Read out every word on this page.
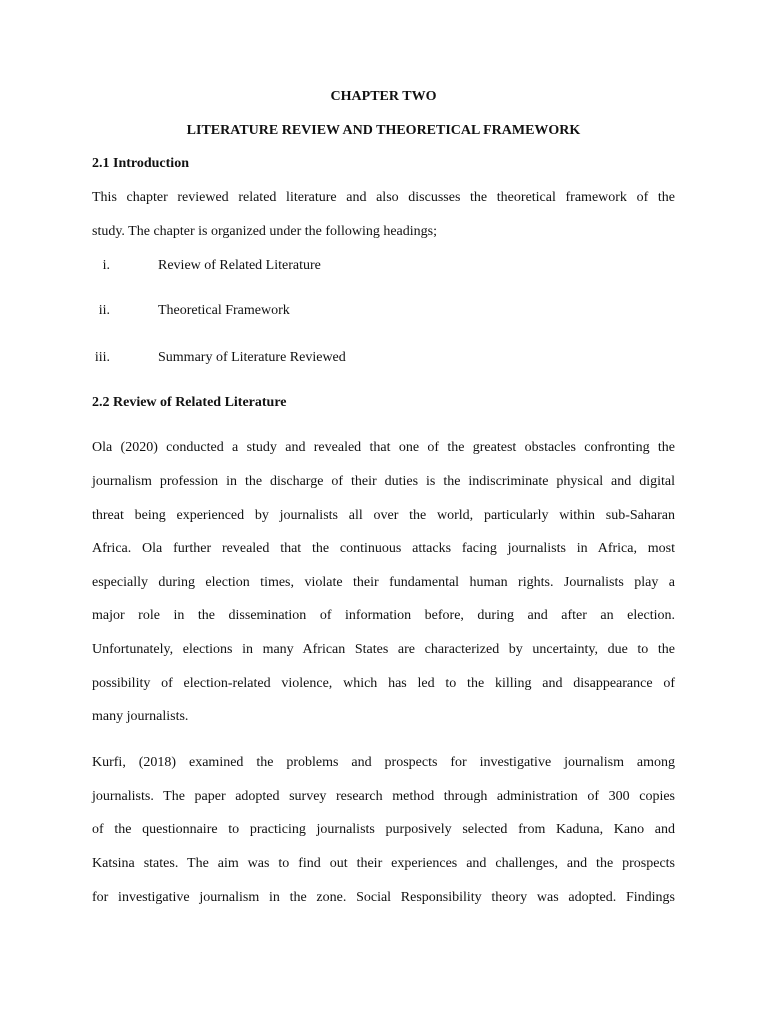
CHAPTER TWO
LITERATURE REVIEW AND THEORETICAL FRAMEWORK
2.1 Introduction
This chapter reviewed related literature and also discusses the theoretical framework of the
study. The chapter is organized under the following headings;
i.	Review of Related Literature
ii.	Theoretical Framework
iii.	Summary of Literature Reviewed
2.2 Review of Related Literature
Ola (2020) conducted a study and revealed that one of the greatest obstacles confronting the
journalism profession in the discharge of their duties is the indiscriminate physical and digital
threat being experienced by journalists all over the world, particularly within sub-Saharan
Africa. Ola further revealed that the continuous attacks facing journalists in Africa, most
especially during election times, violate their fundamental human rights. Journalists play a
major role in the dissemination of information before, during and after an election.
Unfortunately, elections in many African States are characterized by uncertainty, due to the
possibility of election-related violence, which has led to the killing and disappearance of
many journalists.
Kurfi, (2018) examined the problems and prospects for investigative journalism among
journalists. The paper adopted survey research method through administration of 300 copies
of the questionnaire to practicing journalists purposively selected from Kaduna, Kano and
Katsina states. The aim was to find out their experiences and challenges, and the prospects
for investigative journalism in the zone. Social Responsibility theory was adopted. Findings
